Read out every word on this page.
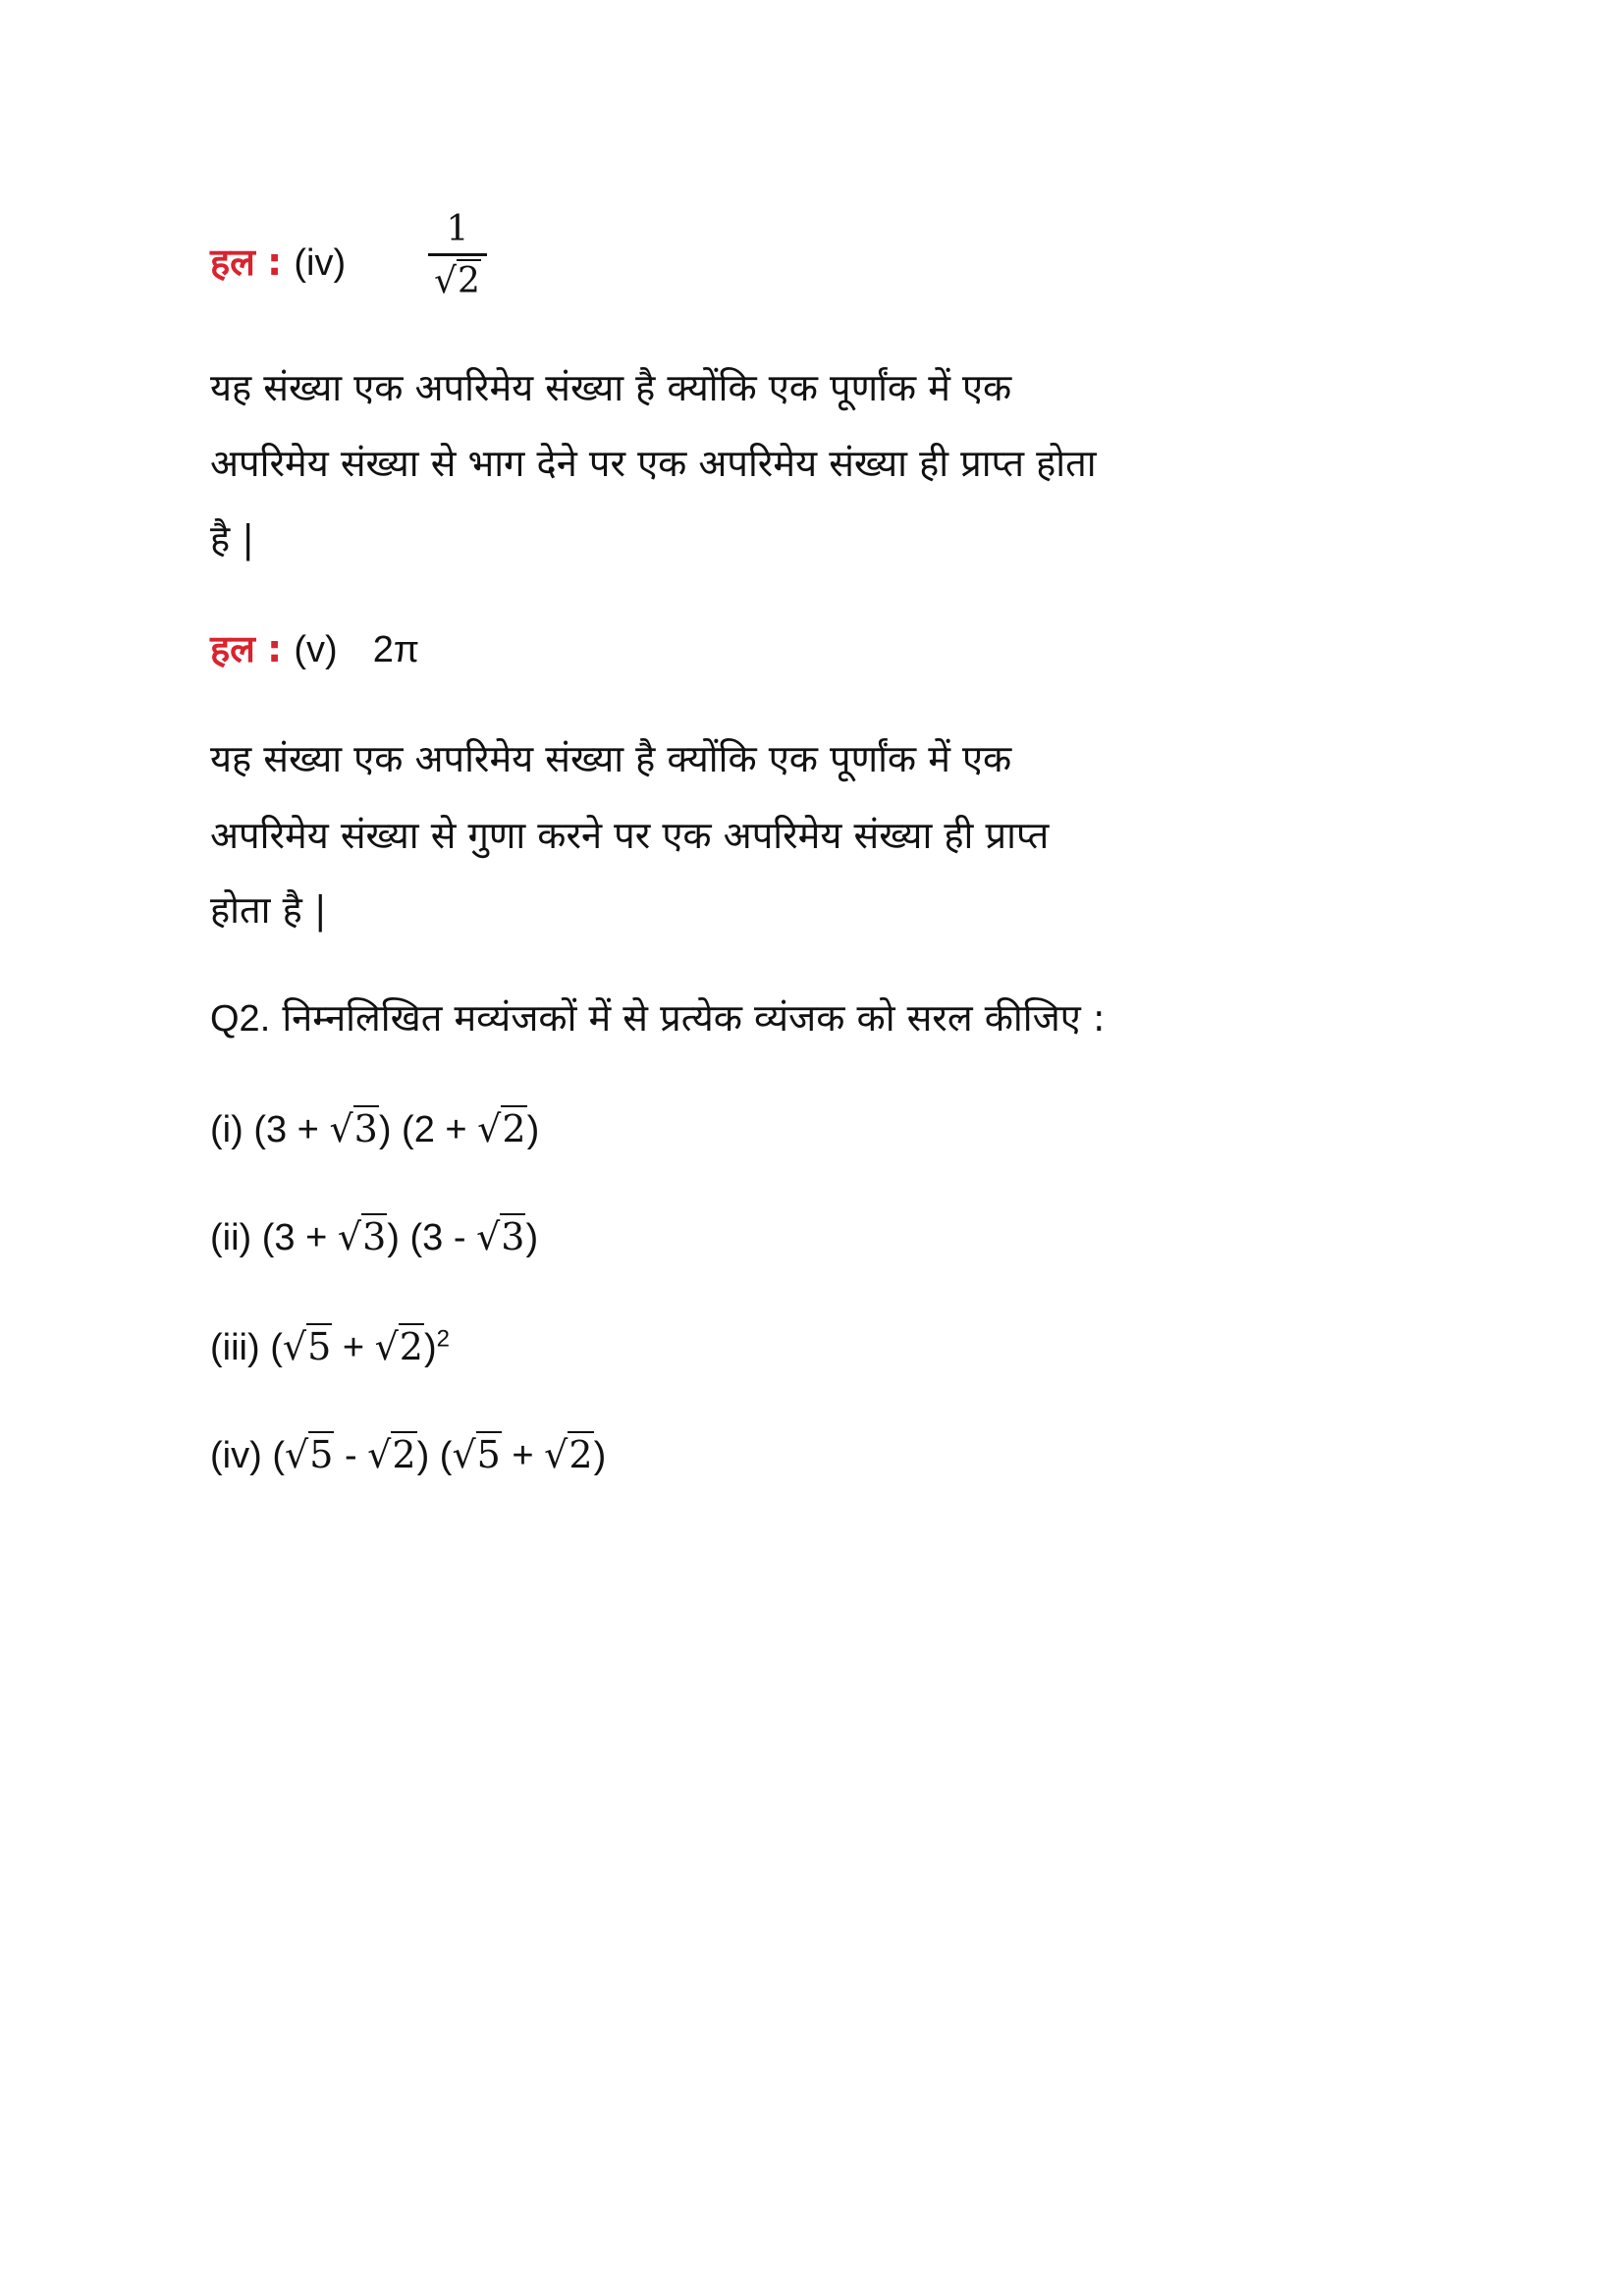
हल : (iv)
1
√2
यह संख्या एक अपरिमेय संख्या है क्योंकि एक पूर्णांक में एक
अपरिमेय संख्या से भाग देने पर एक अपरिमेय संख्या ही प्राप्त होता
है |
हल : (v) 2π
यह संख्या एक अपरिमेय संख्या है क्योंकि एक पूर्णांक में एक
अपरिमेय संख्या से गुणा करने पर एक अपरिमेय संख्या ही प्राप्त
होता है |
Q2. निम्नलिखित मव्यंजकों में से प्रत्येक व्यंजक को सरल कीजिए :
(i) (3 + √3) (2 + √2)
(ii) (3 + √3) (3 - √3)
(iii) $(√5 + √2)^2$
(iv) (√5 - √2) (√5 + √2)
